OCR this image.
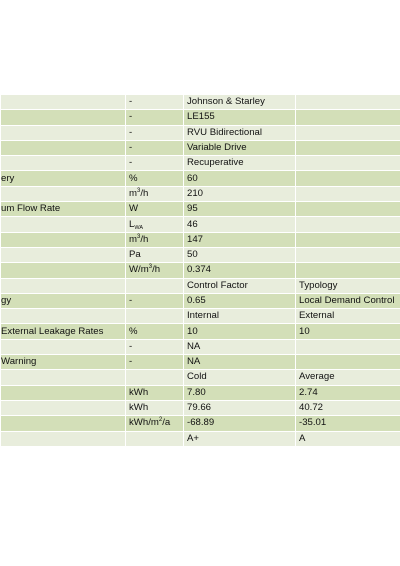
	-	Johnson & Starley	
	-	LE155	
	-	RVU Bidirectional	
	-	Variable Drive	
	-	Recuperative	
ery	%	60	
	$m^3/h$	210	
um Flow Rate	W	95	
	$L_{WA}$	46	
	$m^3/h$	147	
	Pa	50	
	$W/m^3/h$	0.374	
		Control Factor	Typology
gy	-	0.65	Local Demand Control
		Internal	External
External Leakage Rates	%	10	10
	-	NA	
Warning	-	NA	
		Cold	Average
	kWh	7.80	2.74
	kWh	79.66	40.72
	kWh/$m^2/a$	-68.89	-35.01
		A+	A
